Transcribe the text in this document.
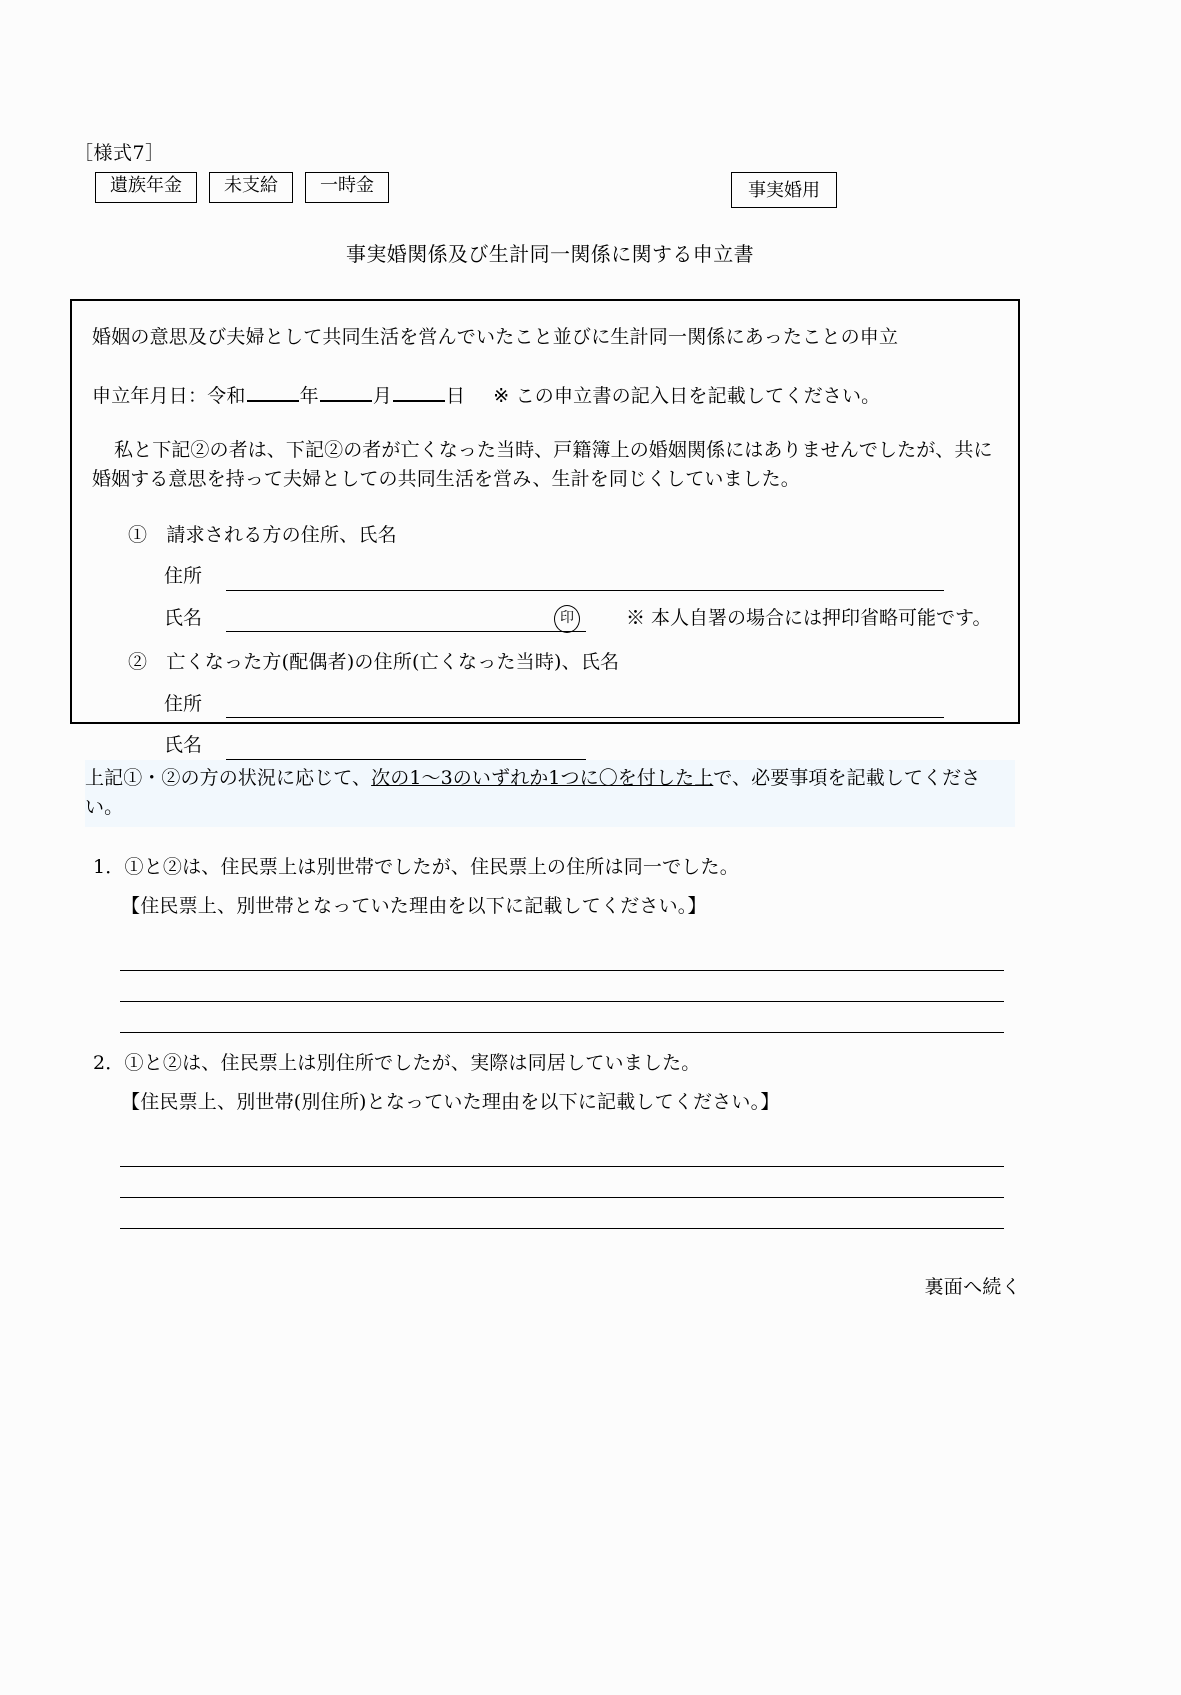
［様式7］
遺族年金	未支給	一時金	事実婚用
事実婚関係及び生計同一関係に関する申立書
婚姻の意思及び夫婦として共同生活を営んでいたこと並びに生計同一関係にあったことの申立
申立年月日：令和	年	月	日 ※ この申立書の記入日を記載してください。
私と下記②の者は、下記②の者が亡くなった当時、戸籍簿上の婚姻関係にはありませんでしたが、共に婚姻する意思を持って夫婦としての共同生活を営み、生計を同じくしていました。
①　請求される方の住所、氏名
住所
氏名	印	※ 本人自署の場合には押印省略可能です。
②　亡くなった方(配偶者)の住所(亡くなった当時)、氏名
住所
氏名
上記①・②の方の状況に応じて、次の1～3のいずれか1つに〇を付した上で、必要事項を記載してください。
1．①と②は、住民票上は別世帯でしたが、住民票上の住所は同一でした。
【住民票上、別世帯となっていた理由を以下に記載してください。】
2．①と②は、住民票上は別住所でしたが、実際は同居していました。
【住民票上、別世帯(別住所)となっていた理由を以下に記載してください。】
裏面へ続く
